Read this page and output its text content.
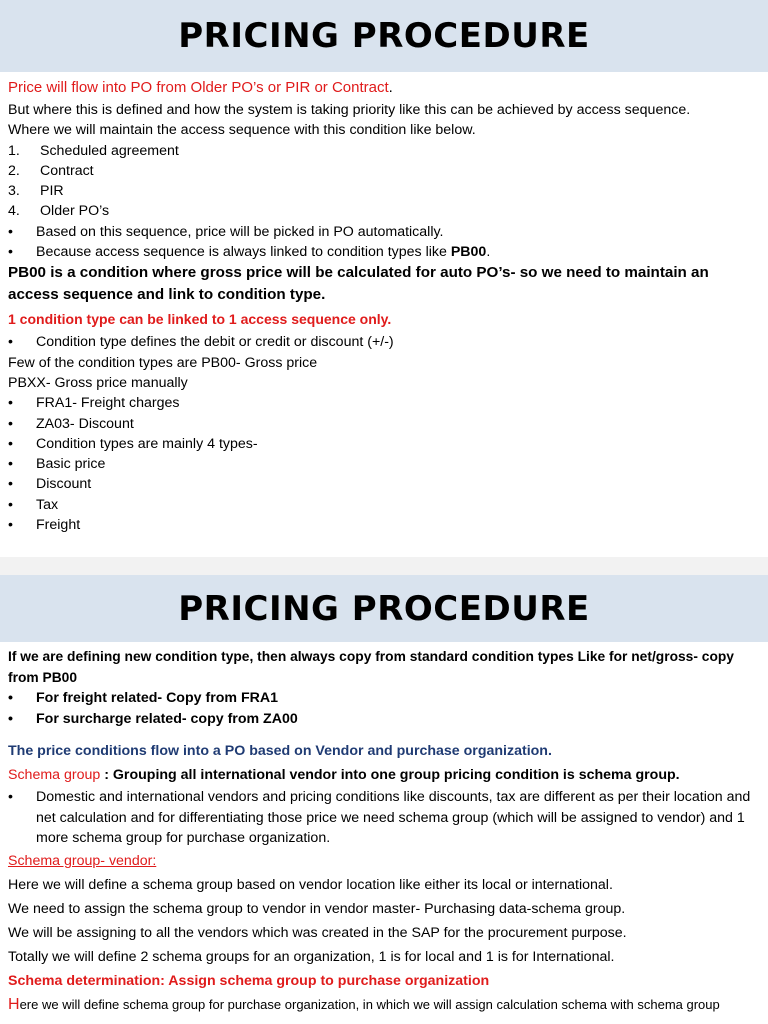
PRICING PROCEDURE
Price will flow into PO from Older PO’s or PIR or Contract.
But where this is defined and how the system is taking priority like this can be achieved by access sequence.
Where we will maintain the access sequence with this condition like below.
1. Scheduled agreement
2. Contract
3. PIR
4. Older PO’s
• Based on this sequence, price will be picked in PO automatically.
• Because access sequence is always linked to condition types like PB00.
PB00 is a condition where gross price will be calculated for auto PO’s- so we need to maintain an access sequence and link to condition type.
1 condition type can be linked to 1 access sequence only.
• Condition type defines the debit or credit or discount (+/-)
Few of the condition types are PB00- Gross price
PBXX- Gross price manually
• FRA1- Freight charges
• ZA03- Discount
• Condition types are mainly 4 types-
• Basic price
• Discount
• Tax
• Freight
PRICING PROCEDURE
If we are defining new condition type, then always copy from standard condition types Like for net/gross- copy from PB00
• For freight related- Copy from FRA1
• For surcharge related- copy from ZA00
The price conditions flow into a PO based on Vendor and purchase organization.
Schema group : Grouping all international vendor into one group pricing condition is schema group.
•	Domestic and international vendors and pricing conditions like discounts, tax are different as per their location and net calculation and for differentiating those price we need schema group (which will be assigned to vendor) and 1 more schema group for purchase organization.
Schema group- vendor:
Here we will define a schema group based on vendor location like either its local or international.
We need to assign the schema group to vendor in vendor master- Purchasing data-schema group.
We will be assigning to all the vendors which was created in the SAP for the procurement purpose.
Totally we will define 2 schema groups for an organization, 1 is for local and 1 is for International.
Schema determination: Assign schema group to purchase organization
Here we will define schema group for purchase organization, in which we will assign calculation schema with schema group
